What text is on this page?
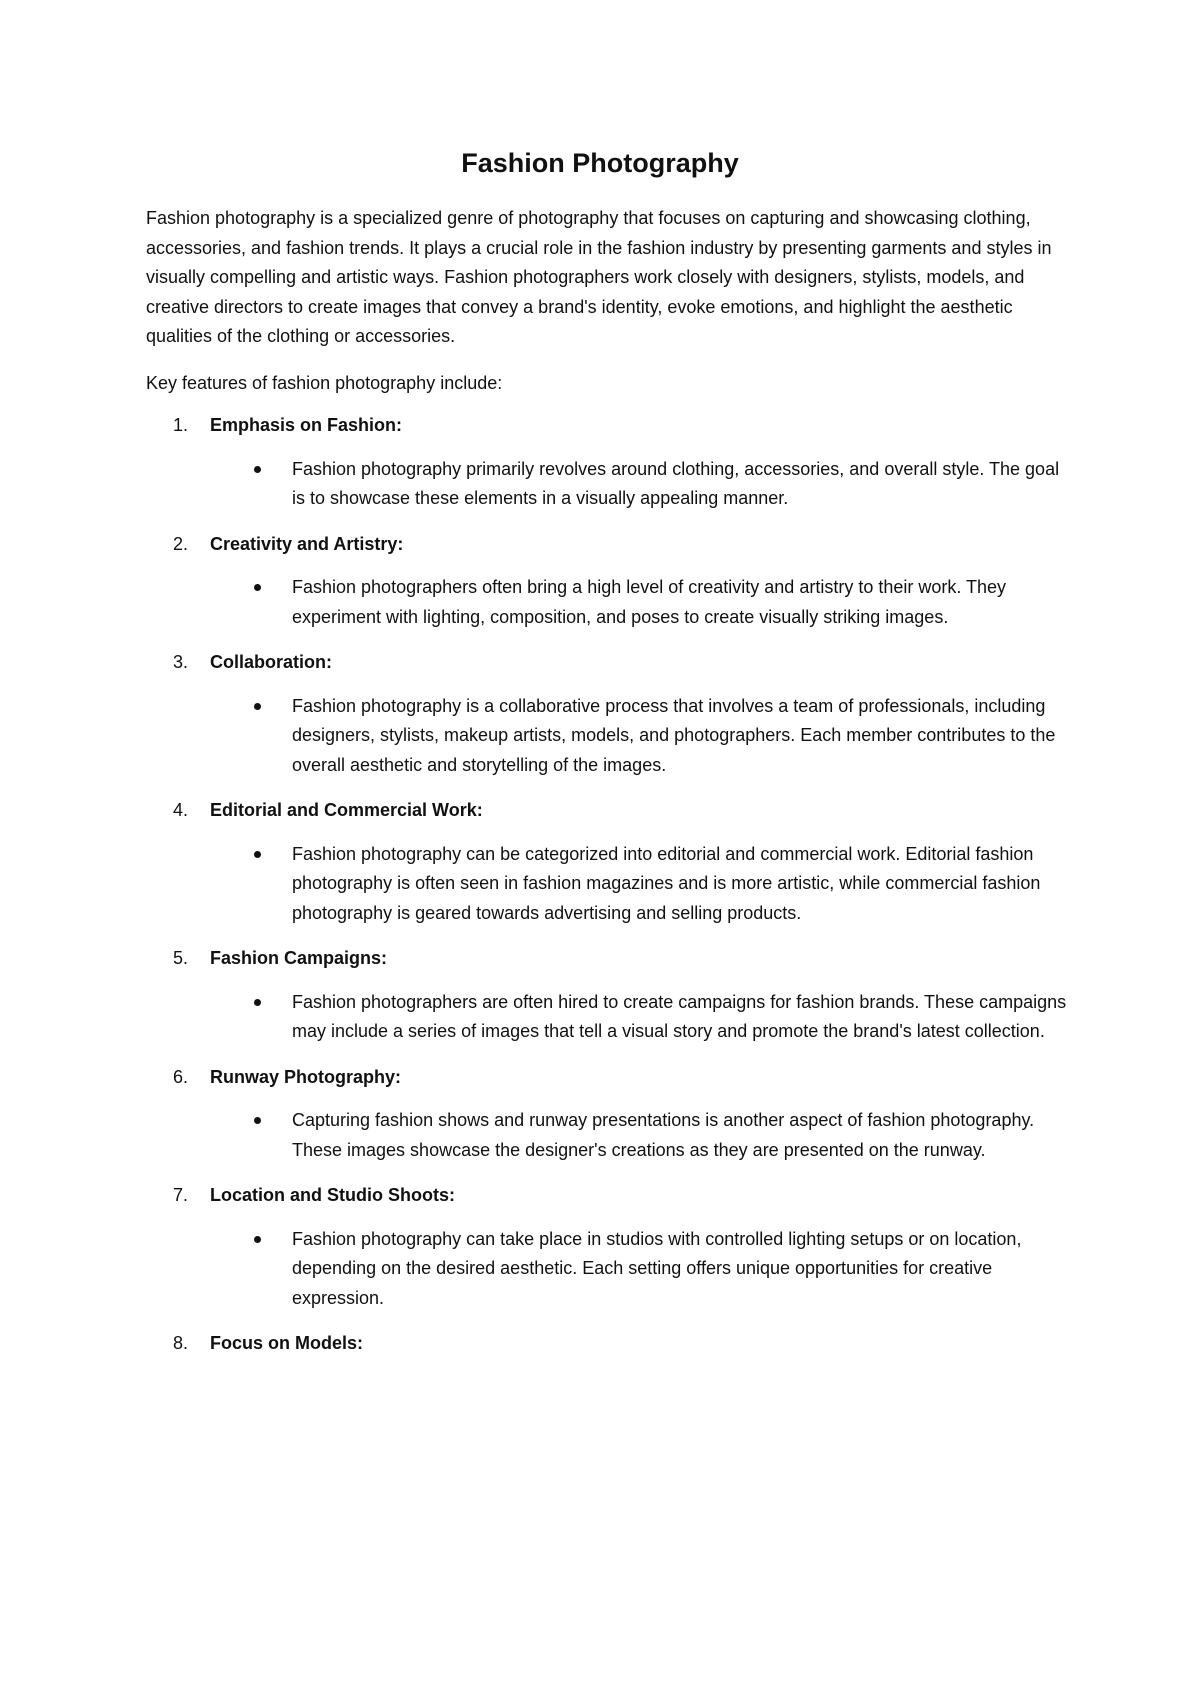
Fashion Photography

Fashion photography is a specialized genre of photography that focuses on capturing and showcasing clothing, accessories, and fashion trends. It plays a crucial role in the fashion industry by presenting garments and styles in visually compelling and artistic ways. Fashion photographers work closely with designers, stylists, models, and creative directors to create images that convey a brand's identity, evoke emotions, and highlight the aesthetic qualities of the clothing or accessories.

Key features of fashion photography include:

1. Emphasis on Fashion:
Fashion photography primarily revolves around clothing, accessories, and overall style. The goal is to showcase these elements in a visually appealing manner.
2. Creativity and Artistry:
Fashion photographers often bring a high level of creativity and artistry to their work. They experiment with lighting, composition, and poses to create visually striking images.
3. Collaboration:
Fashion photography is a collaborative process that involves a team of professionals, including designers, stylists, makeup artists, models, and photographers. Each member contributes to the overall aesthetic and storytelling of the images.
4. Editorial and Commercial Work:
Fashion photography can be categorized into editorial and commercial work. Editorial fashion photography is often seen in fashion magazines and is more artistic, while commercial fashion photography is geared towards advertising and selling products.
5. Fashion Campaigns:
Fashion photographers are often hired to create campaigns for fashion brands. These campaigns may include a series of images that tell a visual story and promote the brand's latest collection.
6. Runway Photography:
Capturing fashion shows and runway presentations is another aspect of fashion photography. These images showcase the designer's creations as they are presented on the runway.
7. Location and Studio Shoots:
Fashion photography can take place in studios with controlled lighting setups or on location, depending on the desired aesthetic. Each setting offers unique opportunities for creative expression.
8. Focus on Models:
